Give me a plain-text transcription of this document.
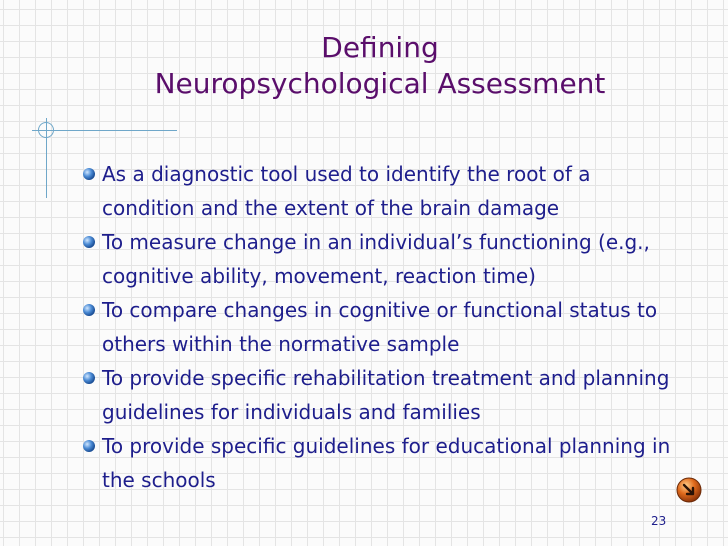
Defining
Neuropsychological Assessment
As a diagnostic tool used to identify the root of a condition and the extent of the brain damage
To measure change in an individual’s functioning (e.g., cognitive ability, movement, reaction time)
To compare changes in cognitive or functional status to others within the normative sample
To provide specific rehabilitation treatment and planning guidelines for individuals and families
To provide specific guidelines for educational planning in the schools
23
